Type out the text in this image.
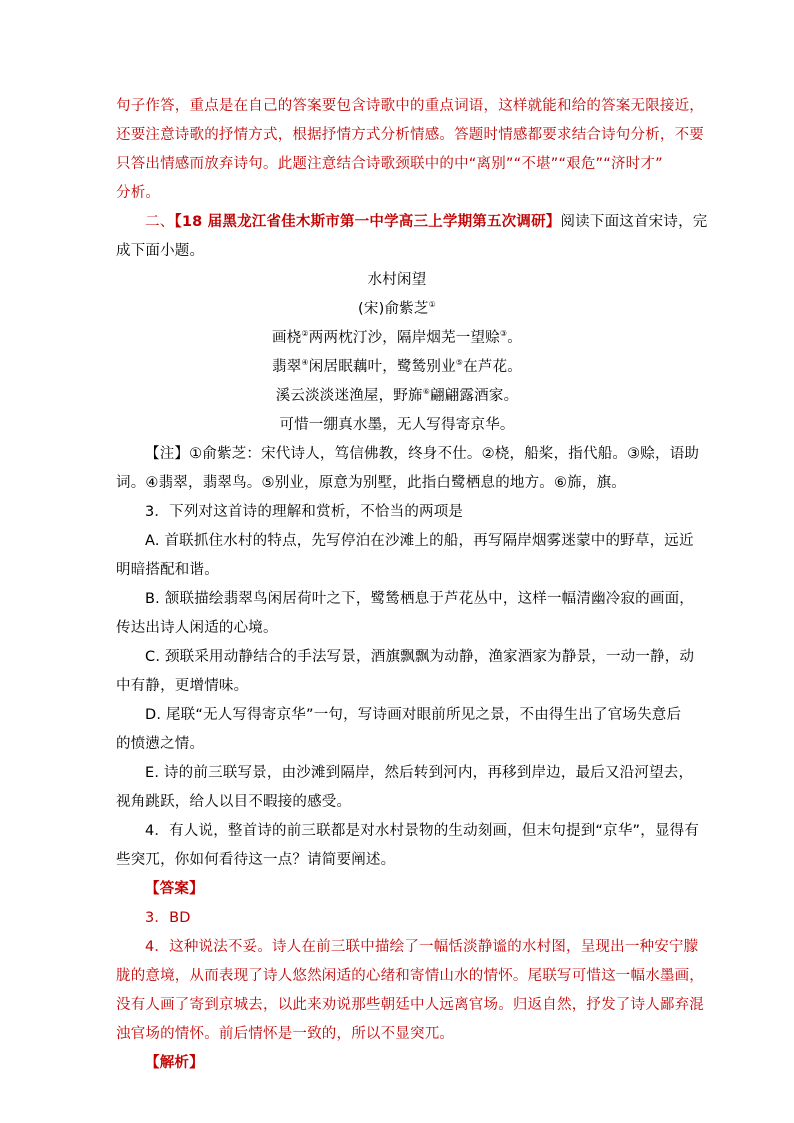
句子作答，重点是在自己的答案要包含诗歌中的重点词语，这样就能和给的答案无限接近，
还要注意诗歌的抒情方式，根据抒情方式分析情感。答题时情感都要求结合诗句分析，不要
只答出情感而放弃诗句。此题注意结合诗歌颈联中的中“离别”“不堪”“艰危”“济时才”
分析。
二、【18 届黑龙江省佳木斯市第一中学高三上学期第五次调研】阅读下面这首宋诗，完
成下面小题。
水村闲望
(宋)俞紫芝①
画桡②两两枕汀沙，隔岸烟芜一望赊③。
翡翠④闲居眠藕叶，鹭鸶别业⑤在芦花。
溪云淡淡迷渔屋，野旆⑥翩翩露酒家。
可惜一绷真水墨，无人写得寄京华。
【注】①俞紫芝：宋代诗人，笃信佛教，终身不仕。②桡，船桨，指代船。③赊，语助
词。④翡翠，翡翠鸟。⑤别业，原意为别墅，此指白鹭栖息的地方。⑥旆，旗。
3．下列对这首诗的理解和赏析，不恰当的两项是
A. 首联抓住水村的特点，先写停泊在沙滩上的船，再写隔岸烟雾迷蒙中的野草，远近
明暗搭配和谐。
B. 颔联描绘翡翠鸟闲居荷叶之下，鹭鸶栖息于芦花丛中，这样一幅清幽冷寂的画面，
传达出诗人闲适的心境。
C. 颈联采用动静结合的手法写景，酒旗飘飘为动静，渔家酒家为静景，一动一静，动
中有静，更增情味。
D. 尾联“无人写得寄京华”一句，写诗画对眼前所见之景，不由得生出了官场失意后
的愤懑之情。
E. 诗的前三联写景，由沙滩到隔岸，然后转到河内，再移到岸边，最后又沿河望去，
视角跳跃，给人以目不暇接的感受。
4．有人说，整首诗的前三联都是对水村景物的生动刻画，但末句提到“京华”，显得有
些突兀，你如何看待这一点？请简要阐述。
【答案】
3．BD
4．这种说法不妥。诗人在前三联中描绘了一幅恬淡静谧的水村图，呈现出一种安宁朦
胧的意境，从而表现了诗人悠然闲适的心绪和寄情山水的情怀。尾联写可惜这一幅水墨画，
没有人画了寄到京城去，以此来劝说那些朝廷中人远离官场。归返自然，抒发了诗人鄙弃混
浊官场的情怀。前后情怀是一致的，所以不显突兀。
【解析】
